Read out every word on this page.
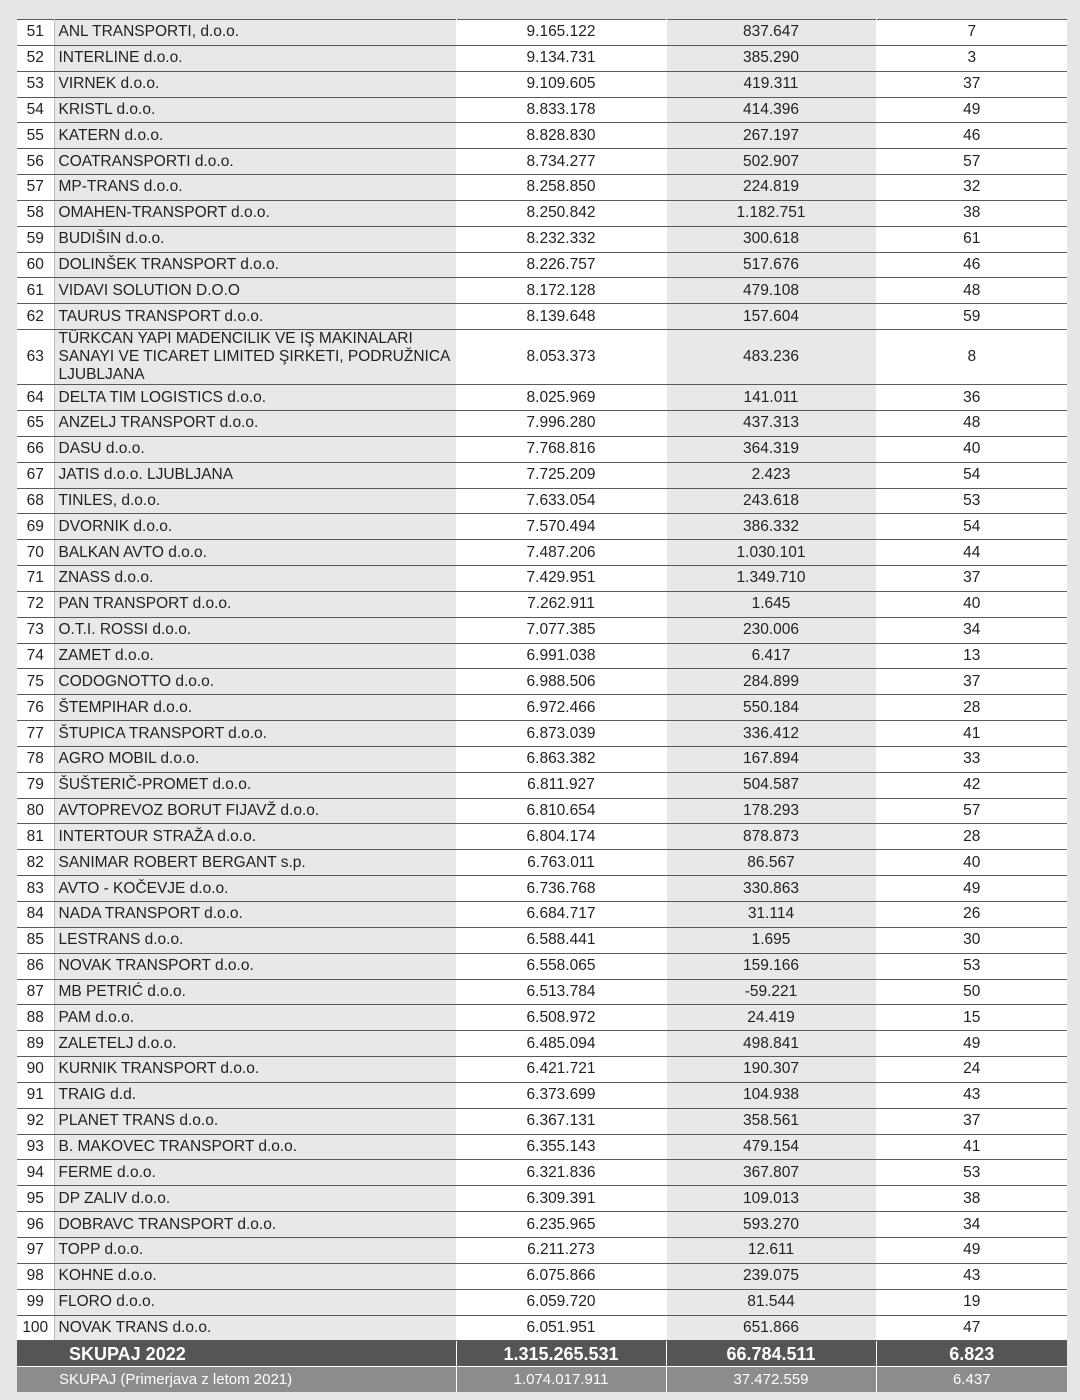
51	ANL TRANSPORTI, d.o.o.	9.165.122	837.647	7
52	INTERLINE d.o.o.	9.134.731	385.290	3
53	VIRNEK d.o.o.	9.109.605	419.311	37
54	KRISTL d.o.o.	8.833.178	414.396	49
55	KATERN d.o.o.	8.828.830	267.197	46
56	COATRANSPORTI d.o.o.	8.734.277	502.907	57
57	MP-TRANS d.o.o.	8.258.850	224.819	32
58	OMAHEN-TRANSPORT d.o.o.	8.250.842	1.182.751	38
59	BUDIŠIN d.o.o.	8.232.332	300.618	61
60	DOLINŠEK TRANSPORT d.o.o.	8.226.757	517.676	46
61	VIDAVI SOLUTION D.O.O	8.172.128	479.108	48
62	TAURUS TRANSPORT d.o.o.	8.139.648	157.604	59
63	TÜRKCAN YAPI MADENCILIK VE IŞ MAKINALARI SANAYI VE TICARET LIMITED ŞIRKETI, PODRUŽNICA LJUBLJANA	8.053.373	483.236	8
64	DELTA TIM LOGISTICS d.o.o.	8.025.969	141.011	36
65	ANZELJ TRANSPORT d.o.o.	7.996.280	437.313	48
66	DASU d.o.o.	7.768.816	364.319	40
67	JATIS d.o.o. LJUBLJANA	7.725.209	2.423	54
68	TINLES, d.o.o.	7.633.054	243.618	53
69	DVORNIK d.o.o.	7.570.494	386.332	54
70	BALKAN AVTO d.o.o.	7.487.206	1.030.101	44
71	ZNASS d.o.o.	7.429.951	1.349.710	37
72	PAN TRANSPORT d.o.o.	7.262.911	1.645	40
73	O.T.I. ROSSI d.o.o.	7.077.385	230.006	34
74	ZAMET d.o.o.	6.991.038	6.417	13
75	CODOGNOTTO d.o.o.	6.988.506	284.899	37
76	ŠTEMPIHAR d.o.o.	6.972.466	550.184	28
77	ŠTUPICA TRANSPORT d.o.o.	6.873.039	336.412	41
78	AGRO MOBIL d.o.o.	6.863.382	167.894	33
79	ŠUŠTERIČ-PROMET d.o.o.	6.811.927	504.587	42
80	AVTOPREVOZ BORUT FIJAVŽ d.o.o.	6.810.654	178.293	57
81	INTERTOUR STRAŽA d.o.o.	6.804.174	878.873	28
82	SANIMAR ROBERT BERGANT s.p.	6.763.011	86.567	40
83	AVTO - KOČEVJE d.o.o.	6.736.768	330.863	49
84	NADA TRANSPORT d.o.o.	6.684.717	31.114	26
85	LESTRANS d.o.o.	6.588.441	1.695	30
86	NOVAK TRANSPORT d.o.o.	6.558.065	159.166	53
87	MB PETRIĆ d.o.o.	6.513.784	-59.221	50
88	PAM d.o.o.	6.508.972	24.419	15
89	ZALETELJ d.o.o.	6.485.094	498.841	49
90	KURNIK TRANSPORT d.o.o.	6.421.721	190.307	24
91	TRAIG d.d.	6.373.699	104.938	43
92	PLANET TRANS d.o.o.	6.367.131	358.561	37
93	B. MAKOVEC TRANSPORT d.o.o.	6.355.143	479.154	41
94	FERME d.o.o.	6.321.836	367.807	53
95	DP ZALIV d.o.o.	6.309.391	109.013	38
96	DOBRAVC TRANSPORT d.o.o.	6.235.965	593.270	34
97	TOPP d.o.o.	6.211.273	12.611	49
98	KOHNE d.o.o.	6.075.866	239.075	43
99	FLORO d.o.o.	6.059.720	81.544	19
100	NOVAK TRANS d.o.o.	6.051.951	651.866	47
SKUPAJ 2022		1.315.265.531	66.784.511	6.823
SKUPAJ (Primerjava z letom 2021)		1.074.017.911	37.472.559	6.437
